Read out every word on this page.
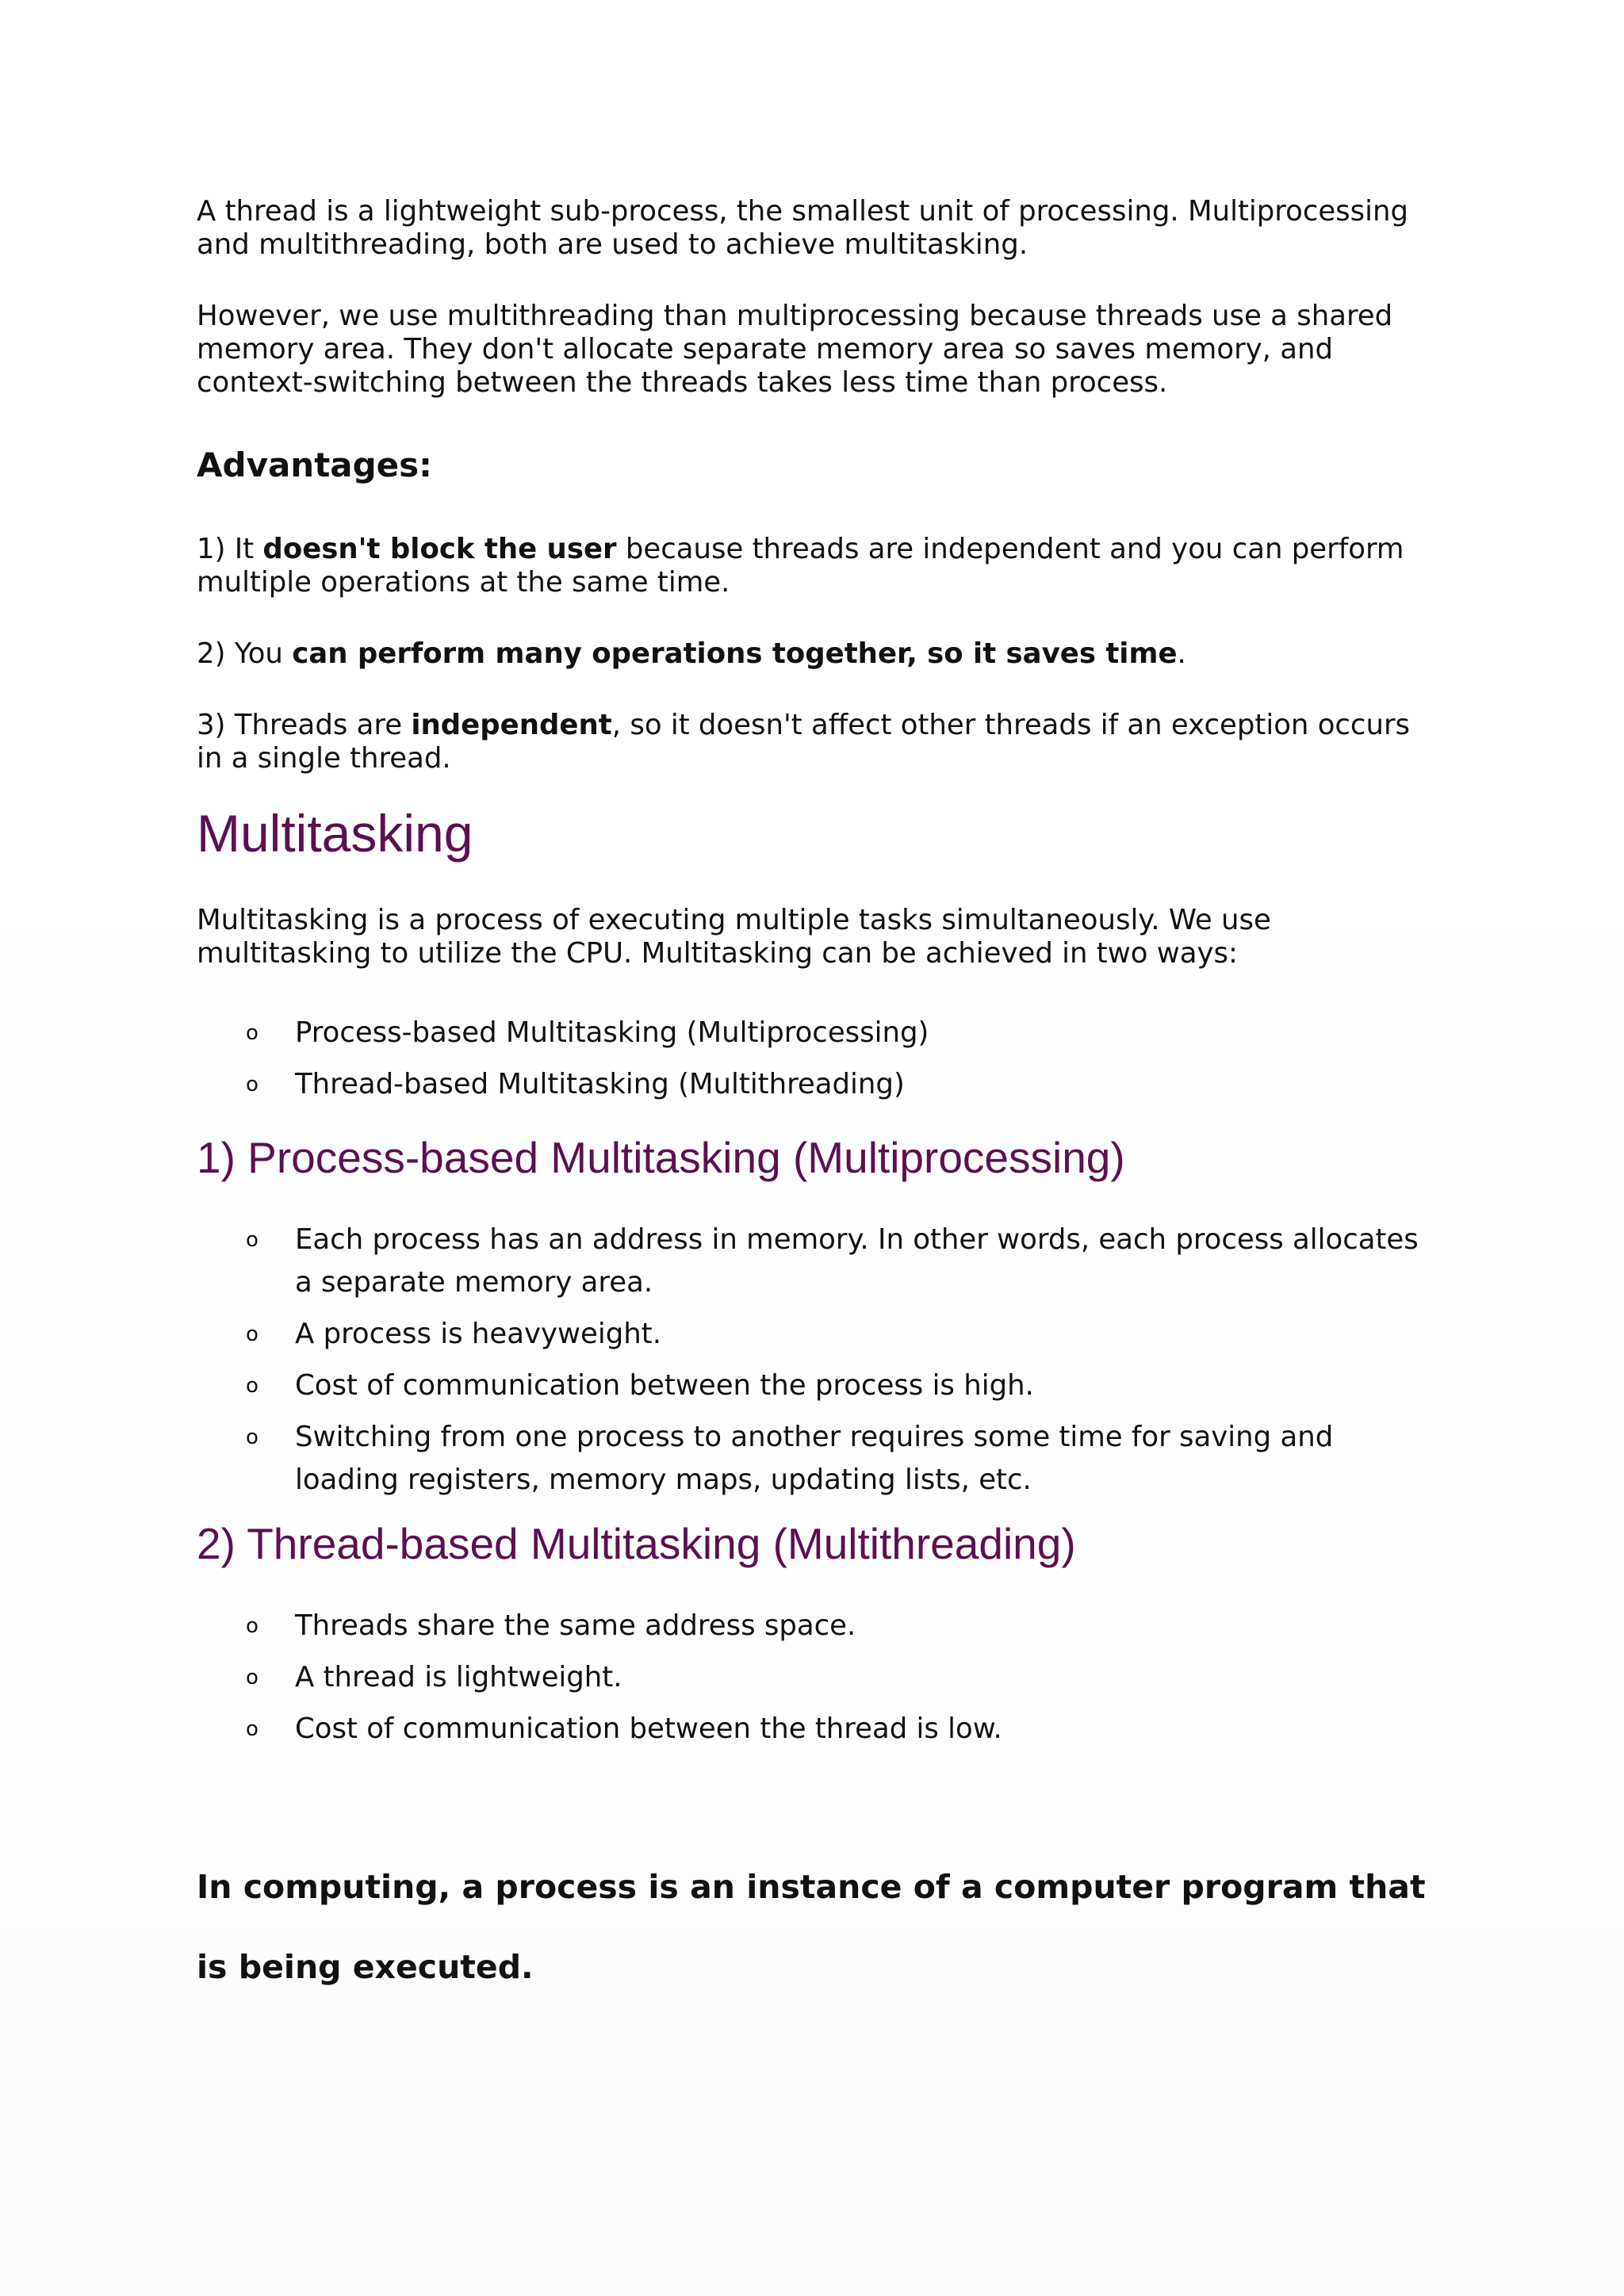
A thread is a lightweight sub-process, the smallest unit of processing. Multiprocessing and multithreading, both are used to achieve multitasking.

However, we use multithreading than multiprocessing because threads use a shared memory area. They don't allocate separate memory area so saves memory, and context-switching between the threads takes less time than process.

Advantages:

1) It doesn't block the user because threads are independent and you can perform multiple operations at the same time.

2) You can perform many operations together, so it saves time.

3) Threads are independent, so it doesn't affect other threads if an exception occurs in a single thread.

Multitasking

Multitasking is a process of executing multiple tasks simultaneously. We use multitasking to utilize the CPU. Multitasking can be achieved in two ways:

o Process-based Multitasking (Multiprocessing)
o Thread-based Multitasking (Multithreading)
1) Process-based Multitasking (Multiprocessing)
o Each process has an address in memory. In other words, each process allocates a separate memory area.
o A process is heavyweight.
o Cost of communication between the process is high.
o Switching from one process to another requires some time for saving and loading registers, memory maps, updating lists, etc.
2) Thread-based Multitasking (Multithreading)
o Threads share the same address space.
o A thread is lightweight.
o Cost of communication between the thread is low.

In computing, a process is an instance of a computer program that

is being executed.
